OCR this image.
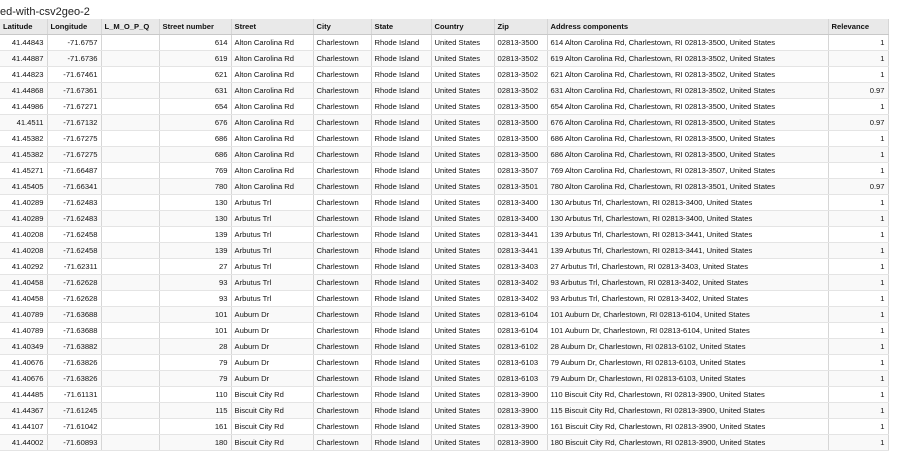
ed-with-csv2geo-2
Latitude	Longitude	L_M_O_P_Q	Street number	Street	City	State	Country	Zip	Address components	Relevance
41.44843	-71.6757		614	Alton Carolina Rd	Charlestown	Rhode Island	United States	02813-3500	614 Alton Carolina Rd, Charlestown, RI 02813-3500, United States	1
41.44887	-71.6736		619	Alton Carolina Rd	Charlestown	Rhode Island	United States	02813-3502	619 Alton Carolina Rd, Charlestown, RI 02813-3502, United States	1
41.44823	-71.67461		621	Alton Carolina Rd	Charlestown	Rhode Island	United States	02813-3502	621 Alton Carolina Rd, Charlestown, RI 02813-3502, United States	1
41.44868	-71.67361		631	Alton Carolina Rd	Charlestown	Rhode Island	United States	02813-3502	631 Alton Carolina Rd, Charlestown, RI 02813-3502, United States	0.97
41.44986	-71.67271		654	Alton Carolina Rd	Charlestown	Rhode Island	United States	02813-3500	654 Alton Carolina Rd, Charlestown, RI 02813-3500, United States	1
41.4511	-71.67132		676	Alton Carolina Rd	Charlestown	Rhode Island	United States	02813-3500	676 Alton Carolina Rd, Charlestown, RI 02813-3500, United States	0.97
41.45382	-71.67275		686	Alton Carolina Rd	Charlestown	Rhode Island	United States	02813-3500	686 Alton Carolina Rd, Charlestown, RI 02813-3500, United States	1
41.45382	-71.67275		686	Alton Carolina Rd	Charlestown	Rhode Island	United States	02813-3500	686 Alton Carolina Rd, Charlestown, RI 02813-3500, United States	1
41.45271	-71.66487		769	Alton Carolina Rd	Charlestown	Rhode Island	United States	02813-3507	769 Alton Carolina Rd, Charlestown, RI 02813-3507, United States	1
41.45405	-71.66341		780	Alton Carolina Rd	Charlestown	Rhode Island	United States	02813-3501	780 Alton Carolina Rd, Charlestown, RI 02813-3501, United States	0.97
41.40289	-71.62483		130	Arbutus Trl	Charlestown	Rhode Island	United States	02813-3400	130 Arbutus Trl, Charlestown, RI 02813-3400, United States	1
41.40289	-71.62483		130	Arbutus Trl	Charlestown	Rhode Island	United States	02813-3400	130 Arbutus Trl, Charlestown, RI 02813-3400, United States	1
41.40208	-71.62458		139	Arbutus Trl	Charlestown	Rhode Island	United States	02813-3441	139 Arbutus Trl, Charlestown, RI 02813-3441, United States	1
41.40208	-71.62458		139	Arbutus Trl	Charlestown	Rhode Island	United States	02813-3441	139 Arbutus Trl, Charlestown, RI 02813-3441, United States	1
41.40292	-71.62311		27	Arbutus Trl	Charlestown	Rhode Island	United States	02813-3403	27 Arbutus Trl, Charlestown, RI 02813-3403, United States	1
41.40458	-71.62628		93	Arbutus Trl	Charlestown	Rhode Island	United States	02813-3402	93 Arbutus Trl, Charlestown, RI 02813-3402, United States	1
41.40458	-71.62628		93	Arbutus Trl	Charlestown	Rhode Island	United States	02813-3402	93 Arbutus Trl, Charlestown, RI 02813-3402, United States	1
41.40789	-71.63688		101	Auburn Dr	Charlestown	Rhode Island	United States	02813-6104	101 Auburn Dr, Charlestown, RI 02813-6104, United States	1
41.40789	-71.63688		101	Auburn Dr	Charlestown	Rhode Island	United States	02813-6104	101 Auburn Dr, Charlestown, RI 02813-6104, United States	1
41.40349	-71.63882		28	Auburn Dr	Charlestown	Rhode Island	United States	02813-6102	28 Auburn Dr, Charlestown, RI 02813-6102, United States	1
41.40676	-71.63826		79	Auburn Dr	Charlestown	Rhode Island	United States	02813-6103	79 Auburn Dr, Charlestown, RI 02813-6103, United States	1
41.40676	-71.63826		79	Auburn Dr	Charlestown	Rhode Island	United States	02813-6103	79 Auburn Dr, Charlestown, RI 02813-6103, United States	1
41.44485	-71.61131		110	Biscuit City Rd	Charlestown	Rhode Island	United States	02813-3900	110 Biscuit City Rd, Charlestown, RI 02813-3900, United States	1
41.44367	-71.61245		115	Biscuit City Rd	Charlestown	Rhode Island	United States	02813-3900	115 Biscuit City Rd, Charlestown, RI 02813-3900, United States	1
41.44107	-71.61042		161	Biscuit City Rd	Charlestown	Rhode Island	United States	02813-3900	161 Biscuit City Rd, Charlestown, RI 02813-3900, United States	1
41.44002	-71.60893		180	Biscuit City Rd	Charlestown	Rhode Island	United States	02813-3900	180 Biscuit City Rd, Charlestown, RI 02813-3900, United States	1
